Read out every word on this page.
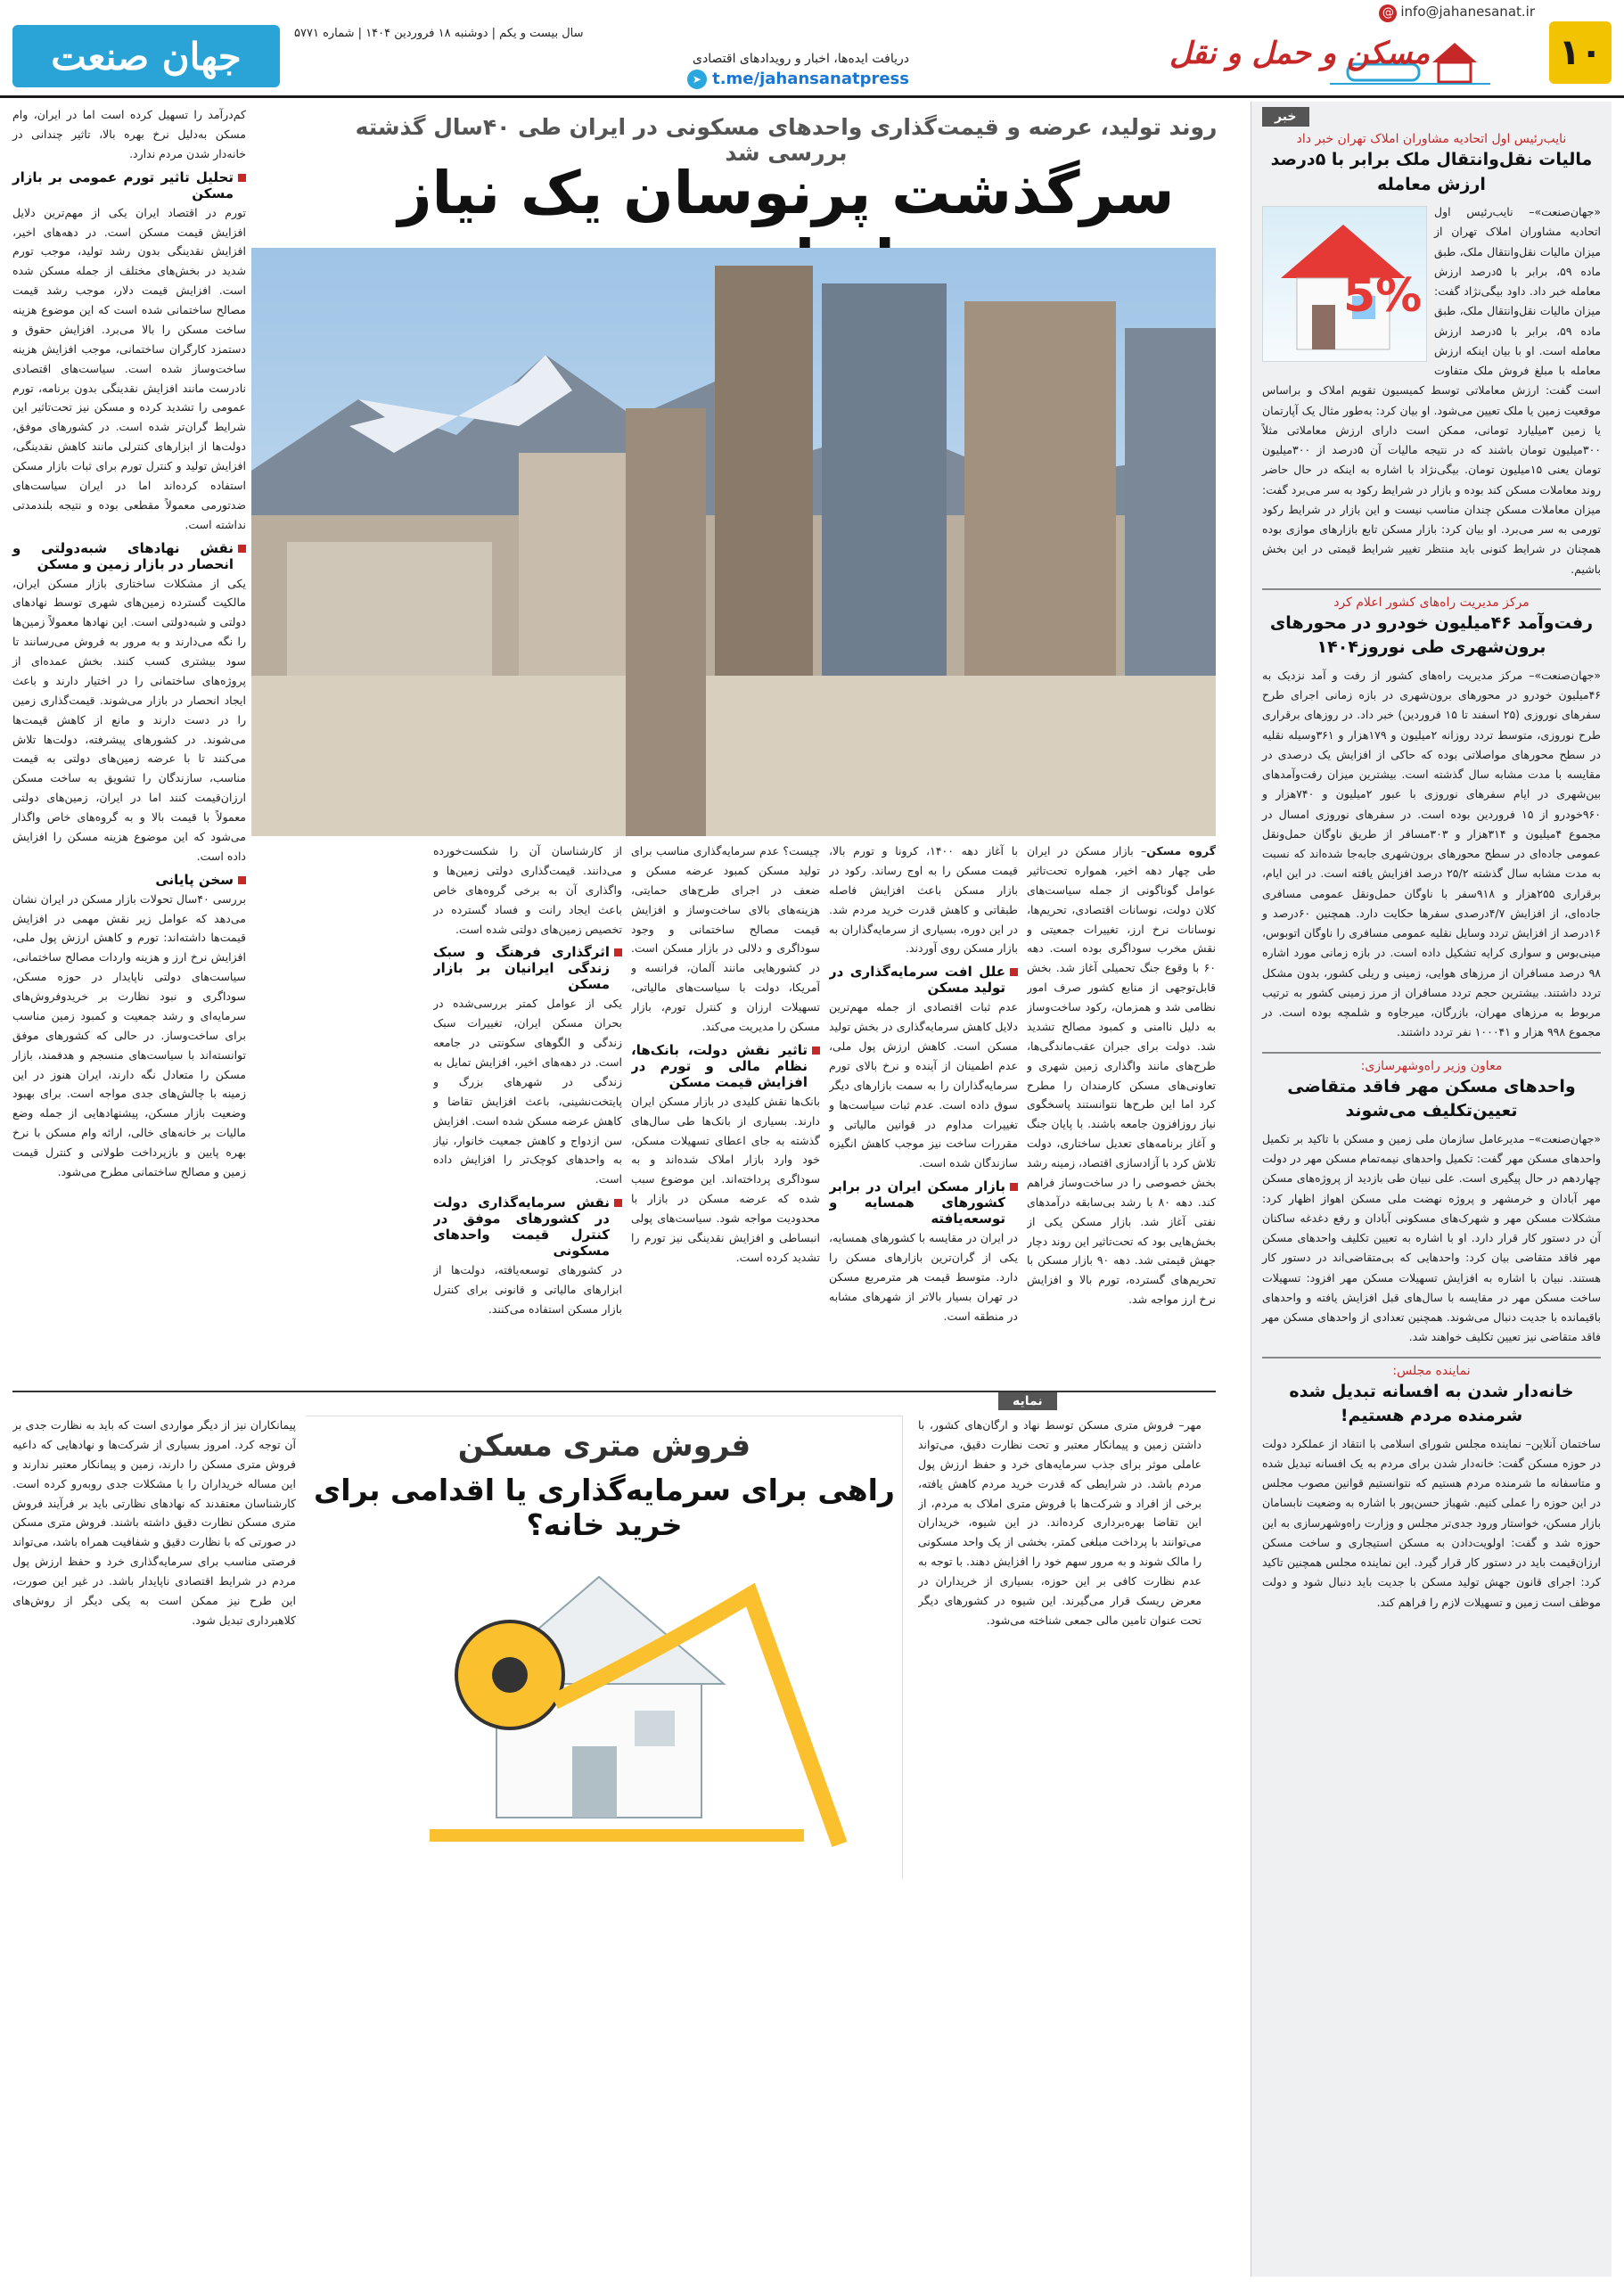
۱۰
@ info@jahanesanat.ir
مسکن و حمل و نقل
دریافت ایده‌ها، اخبار و رویدادهای اقتصادی
➤ t.me/jahansanatpress
سال بیست و یکم | دوشنبه ۱۸ فروردین ۱۴۰۴ | شماره ۵۷۷۱
جهان صنعت
خبر
نایب‌رئیس اول اتحادیه مشاوران املاک تهران خبر داد
مالیات نقل‌وانتقال ملک برابر با ۵درصد ارزش معامله
5%
«جهان‌صنعت»– نایب‌رئیس اول اتحادیه مشاوران املاک تهران از میزان مالیات نقل‌وانتقال ملک، طبق ماده ۵۹، برابر با ۵درصد ارزش معامله خبر داد. داود بیگی‌نژاد گفت: میزان مالیات نقل‌وانتقال ملک، طبق ماده ۵۹، برابر با ۵درصد ارزش معامله است. او با بیان اینکه ارزش معامله با مبلغ فروش ملک متفاوت است گفت: ارزش معاملاتی توسط کمیسیون تقویم املاک و براساس موقعیت زمین یا ملک تعیین می‌شود. او بیان کرد: به‌طور مثال یک آپارتمان یا زمین ۳میلیارد تومانی، ممکن است دارای ارزش معاملاتی مثلاً ۳۰۰میلیون تومان باشند که در نتیجه مالیات آن ۵درصد از ۳۰۰میلیون تومان یعنی ۱۵میلیون تومان. بیگی‌نژاد با اشاره به اینکه در حال حاضر روند معاملات مسکن کند بوده و بازار در شرایط رکود به سر می‌برد گفت: میزان معاملات مسکن چندان مناسب نیست و این بازار در شرایط رکود تورمی به سر می‌برد. او بیان کرد: بازار مسکن تابع بازارهای موازی بوده همچنان در شرایط کنونی باید منتظر تغییر شرایط قیمتی در این بخش باشیم.
مرکز مدیریت راه‌های کشور اعلام کرد
رفت‌وآمد ۴۶میلیون خودرو در محورهای برون‌شهری طی نوروز۱۴۰۴
«جهان‌صنعت»– مرکز مدیریت راه‌های کشور از رفت و آمد نزدیک به ۴۶میلیون خودرو در محورهای برون‌شهری در بازه زمانی اجرای طرح سفرهای نوروزی (۲۵ اسفند تا ۱۵ فروردین) خبر داد. در روزهای برقراری طرح نوروزی، متوسط تردد روزانه ۲میلیون و ۱۷۹هزار و ۳۶۱وسیله نقلیه در سطح محورهای مواصلاتی بوده که حاکی از افزایش یک درصدی در مقایسه با مدت مشابه سال گذشته است. بیشترین میزان رفت‌وآمدهای بین‌شهری در ایام سفرهای نوروزی با عبور ۲میلیون و ۷۴۰هزار و ۹۶۰خودرو از ۱۵ فروردین بوده است. در سفرهای نوروزی امسال در مجموع ۴میلیون و ۳۱۴هزار و ۳۰۳مسافر از طریق ناوگان حمل‌ونقل عمومی جاده‌ای در سطح محورهای برون‌شهری جابه‌جا شده‌اند که نسبت به مدت مشابه سال گذشته ۲۵/۲ درصد افزایش یافته است. در این ایام، برقراری ۲۵۵هزار و ۹۱۸سفر با ناوگان حمل‌ونقل عمومی مسافری جاده‌ای، از افزایش ۴/۷درصدی سفرها حکایت دارد. همچنین ۶۰درصد و ۱۶درصد از افزایش تردد وسایل نقلیه عمومی مسافری را ناوگان اتوبوس، مینی‌بوس و سواری کرایه تشکیل داده است. در بازه زمانی مورد اشاره ۹۸ درصد مسافران از مرزهای هوایی، زمینی و ریلی کشور، بدون مشکل تردد داشتند. بیشترین حجم تردد مسافران از مرز زمینی کشور به ترتیب مربوط به مرزهای مهران، بازرگان، میرجاوه و شلمچه بوده است. در مجموع ۹۹۸ هزار و ۱۰۰۰۴۱ نفر تردد داشتند.
معاون وزیر راه‌وشهرسازی:
واحدهای مسکن مهر فاقد متقاضی تعیین‌تکلیف می‌شوند
«جهان‌صنعت»– مدیرعامل سازمان ملی زمین و مسکن با تاکید بر تکمیل واحدهای مسکن مهر گفت: تکمیل واحدهای نیمه‌تمام مسکن مهر در دولت چهاردهم در حال پیگیری است. علی نبیان طی بازدید از پروژه‌های مسکن مهر آبادان و خرمشهر و پروژه نهضت ملی مسکن اهواز اظهار کرد: مشکلات مسکن مهر و شهرک‌های مسکونی آبادان و رفع دغدغه ساکنان آن در دستور کار قرار دارد. او با اشاره به تعیین تکلیف واحدهای مسکن مهر فاقد متقاضی بیان کرد: واحدهایی که بی‌متقاضی‌اند در دستور کار هستند. نبیان با اشاره به افزایش تسهیلات مسکن مهر افزود: تسهیلات ساخت مسکن مهر در مقایسه با سال‌های قبل افزایش یافته و واحدهای باقیمانده با جدیت دنبال می‌شوند. همچنین تعدادی از واحدهای مسکن مهر فاقد متقاضی نیز تعیین تکلیف خواهند شد.
نماینده مجلس:
خانه‌دار شدن به افسانه تبدیل شده شرمنده مردم هستیم!
ساختمان آنلاین– نماینده مجلس شورای اسلامی با انتقاد از عملکرد دولت در حوزه مسکن گفت: خانه‌دار شدن برای مردم به یک افسانه تبدیل شده و متاسفانه ما شرمنده مردم هستیم که نتوانستیم قوانین مصوب مجلس در این حوزه را عملی کنیم. شهباز حسن‌پور با اشاره به وضعیت نابسامان بازار مسکن، خواستار ورود جدی‌تر مجلس و وزارت راه‌وشهرسازی به این حوزه شد و گفت: اولویت‌دادن به مسکن استیجاری و ساخت مسکن ارزان‌قیمت باید در دستور کار قرار گیرد. این نماینده مجلس همچنین تاکید کرد: اجرای قانون جهش تولید مسکن با جدیت باید دنبال شود و دولت موظف است زمین و تسهیلات لازم را فراهم کند.
روند تولید، عرضه و قیمت‌گذاری واحدهای مسکونی در ایران طی ۴۰سال گذشته بررسی شد
سرگذشت پرنوسان یک نیاز
کم‌درآمد را تسهیل کرده است اما در ایران، وام مسکن به‌دلیل نرخ بهره بالا، تاثیر چندانی در خانه‌دار شدن مردم ندارد.
تحلیل تاثیر تورم عمومی بر بازار مسکن
تورم در اقتصاد ایران یکی از مهم‌ترین دلایل افزایش قیمت مسکن است. در دهه‌های اخیر، افزایش نقدینگی بدون رشد تولید، موجب تورم شدید در بخش‌های مختلف از جمله مسکن شده است. افزایش قیمت دلار، موجب رشد قیمت مصالح ساختمانی شده است که این موضوع هزینه ساخت مسکن را بالا می‌برد. افزایش حقوق و دستمزد کارگران ساختمانی، موجب افزایش هزینه ساخت‌وساز شده است. سیاست‌های اقتصادی نادرست مانند افزایش نقدینگی بدون برنامه، تورم عمومی را تشدید کرده و مسکن نیز تحت‌تاثیر این شرایط گران‌تر شده است. در کشورهای موفق، دولت‌ها از ابزارهای کنترلی مانند کاهش نقدینگی، افزایش تولید و کنترل تورم برای ثبات بازار مسکن استفاده کرده‌اند اما در ایران سیاست‌های ضدتورمی معمولاً مقطعی بوده و نتیجه بلندمدتی نداشته است.
نقش نهادهای شبه‌دولتی و انحصار در بازار زمین و مسکن
یکی از مشکلات ساختاری بازار مسکن ایران، مالکیت گسترده زمین‌های شهری توسط نهادهای دولتی و شبه‌دولتی است. این نهادها معمولاً زمین‌ها را نگه می‌دارند و به مرور به فروش می‌رسانند تا سود بیشتری کسب کنند. بخش عمده‌ای از پروژه‌های ساختمانی را در اختیار دارند و باعث ایجاد انحصار در بازار می‌شوند. قیمت‌گذاری زمین را در دست دارند و مانع از کاهش قیمت‌ها می‌شوند. در کشورهای پیشرفته، دولت‌ها تلاش می‌کنند تا با عرضه زمین‌های دولتی به قیمت مناسب، سازندگان را تشویق به ساخت مسکن ارزان‌قیمت کنند اما در ایران، زمین‌های دولتی معمولاً با قیمت بالا و به گروه‌های خاص واگذار می‌شود که این موضوع هزینه مسکن را افزایش داده است.
سخن پایانی
بررسی ۴۰سال تحولات بازار مسکن در ایران نشان می‌دهد که عوامل زیر نقش مهمی در افزایش قیمت‌ها داشته‌اند: تورم و کاهش ارزش پول ملی، افزایش نرخ ارز و هزینه واردات مصالح ساختمانی، سیاست‌های دولتی ناپایدار در حوزه مسکن، سوداگری و نبود نظارت بر خریدوفروش‌های سرمایه‌ای و رشد جمعیت و کمبود زمین مناسب برای ساخت‌وساز. در حالی که کشورهای موفق توانسته‌اند با سیاست‌های منسجم و هدفمند، بازار مسکن را متعادل نگه دارند، ایران هنوز در این زمینه با چالش‌های جدی مواجه است. برای بهبود وضعیت بازار مسکن، پیشنهادهایی از جمله وضع مالیات بر خانه‌های خالی، ارائه وام مسکن با نرخ بهره پایین و بازپرداخت طولانی و کنترل قیمت زمین و مصالح ساختمانی مطرح می‌شود.
گروه مسکن– بازار مسکن در ایران طی چهار دهه اخیر، همواره تحت‌تاثیر عوامل گوناگونی از جمله سیاست‌های کلان دولت، نوسانات اقتصادی، تحریم‌ها، نوسانات نرخ ارز، تغییرات جمعیتی و نقش مخرب سوداگری بوده است. دهه ۶۰ با وقوع جنگ تحمیلی آغاز شد. بخش قابل‌توجهی از منابع کشور صرف امور نظامی شد و همزمان، رکود ساخت‌وساز به دلیل ناامنی و کمبود مصالح تشدید شد. دولت برای جبران عقب‌ماندگی‌ها، طرح‌های مانند واگذاری زمین شهری و تعاونی‌های مسکن کارمندان را مطرح کرد اما این طرح‌ها نتوانستند پاسخگوی نیاز روزافزون جامعه باشند. با پایان جنگ و آغاز برنامه‌های تعدیل ساختاری، دولت تلاش کرد با آزادسازی اقتصاد، زمینه رشد بخش خصوصی را در ساخت‌وساز فراهم کند. دهه ۸۰ با رشد بی‌سابقه درآمدهای نفتی آغاز شد. بازار مسکن یکی از بخش‌هایی بود که تحت‌تاثیر این روند دچار جهش قیمتی شد. دهه ۹۰ بازار مسکن با تحریم‌های گسترده، تورم بالا و افزایش نرخ ارز مواجه شد.
با آغاز دهه ۱۴۰۰، کرونا و تورم بالا، قیمت مسکن را به اوج رساند. رکود در بازار مسکن باعث افزایش فاصله طبقاتی و کاهش قدرت خرید مردم شد. در این دوره، بسیاری از سرمایه‌گذاران به بازار مسکن روی آوردند.
علل افت سرمایه‌گذاری در تولید مسکن
عدم ثبات اقتصادی از جمله مهم‌ترین دلایل کاهش سرمایه‌گذاری در بخش تولید مسکن است. کاهش ارزش پول ملی، عدم اطمینان از آینده و نرخ بالای تورم سرمایه‌گذاران را به سمت بازارهای دیگر سوق داده است. عدم ثبات سیاست‌ها و تغییرات مداوم در قوانین مالیاتی و مقررات ساخت نیز موجب کاهش انگیزه سازندگان شده است.
بازار مسکن ایران در برابر کشورهای همسایه و توسعه‌یافته
در ایران در مقایسه با کشورهای همسایه، یکی از گران‌ترین بازارهای مسکن را دارد. متوسط قیمت هر مترمربع مسکن در تهران بسیار بالاتر از شهرهای مشابه در منطقه است.
چیست؟ عدم سرمایه‌گذاری مناسب برای تولید مسکن کمبود عرضه مسکن و ضعف در اجرای طرح‌های حمایتی، هزینه‌های بالای ساخت‌وساز و افزایش قیمت مصالح ساختمانی و وجود سوداگری و دلالی در بازار مسکن است. در کشورهایی مانند آلمان، فرانسه و آمریکا، دولت با سیاست‌های مالیاتی، تسهیلات ارزان و کنترل تورم، بازار مسکن را مدیریت می‌کند.
تاثیر نقش دولت، بانک‌ها، نظام مالی و تورم در افزایش قیمت مسکن
بانک‌ها نقش کلیدی در بازار مسکن ایران دارند. بسیاری از بانک‌ها طی سال‌های گذشته به جای اعطای تسهیلات مسکن، خود وارد بازار املاک شده‌اند و به سوداگری پرداخته‌اند. این موضوع سبب شده که عرضه مسکن در بازار با محدودیت مواجه شود. سیاست‌های پولی انبساطی و افزایش نقدینگی نیز تورم را تشدید کرده است.
از کارشناسان آن را شکست‌خورده می‌دانند. قیمت‌گذاری دولتی زمین‌ها و واگذاری آن به برخی گروه‌های خاص باعث ایجاد رانت و فساد گسترده در تخصیص زمین‌های دولتی شده است.
اثرگذاری فرهنگ و سبک زندگی ایرانیان بر بازار مسکن
یکی از عوامل کمتر بررسی‌شده در بحران مسکن ایران، تغییرات سبک زندگی و الگوهای سکونتی در جامعه است. در دهه‌های اخیر، افزایش تمایل به زندگی در شهرهای بزرگ و پایتخت‌نشینی، باعث افزایش تقاضا و کاهش عرضه مسکن شده است. افزایش سن ازدواج و کاهش جمعیت خانوار، نیاز به واحدهای کوچک‌تر را افزایش داده است.
نقش سرمایه‌گذاری دولت در کشورهای موفق در کنترل قیمت واحدهای مسکونی
در کشورهای توسعه‌یافته، دولت‌ها از ابزارهای مالیاتی و قانونی برای کنترل بازار مسکن استفاده می‌کنند.
نمایه
فروش متری مسکن
راهی برای سرمایه‌گذاری یا اقدامی برای خرید خانه؟
مهر– فروش متری مسکن توسط نهاد و ارگان‌های کشور، با داشتن زمین و پیمانکار معتبر و تحت نظارت دقیق، می‌تواند عاملی موثر برای جذب سرمایه‌های خرد و حفظ ارزش پول مردم باشد. در شرایطی که قدرت خرید مردم کاهش یافته، برخی از افراد و شرکت‌ها با فروش متری املاک به مردم، از این تقاضا بهره‌برداری کرده‌اند. در این شیوه، خریداران می‌توانند با پرداخت مبلغی کمتر، بخشی از یک واحد مسکونی را مالک شوند و به مرور سهم خود را افزایش دهند. با توجه به عدم نظارت کافی بر این حوزه، بسیاری از خریداران در معرض ریسک قرار می‌گیرند. این شیوه در کشورهای دیگر تحت عنوان تامین مالی جمعی شناخته می‌شود.
پیمانکاران نیز از دیگر مواردی است که باید به نظارت جدی بر آن توجه کرد. امروز بسیاری از شرکت‌ها و نهادهایی که داعیه فروش متری مسکن را دارند، زمین و پیمانکار معتبر ندارند و این مساله خریداران را با مشکلات جدی روبه‌رو کرده است. کارشناسان معتقدند که نهادهای نظارتی باید بر فرآیند فروش متری مسکن نظارت دقیق داشته باشند. فروش متری مسکن در صورتی که با نظارت دقیق و شفافیت همراه باشد، می‌تواند فرصتی مناسب برای سرمایه‌گذاری خرد و حفظ ارزش پول مردم در شرایط اقتصادی ناپایدار باشد. در غیر این صورت، این طرح نیز ممکن است به یکی دیگر از روش‌های کلاهبرداری تبدیل شود.
